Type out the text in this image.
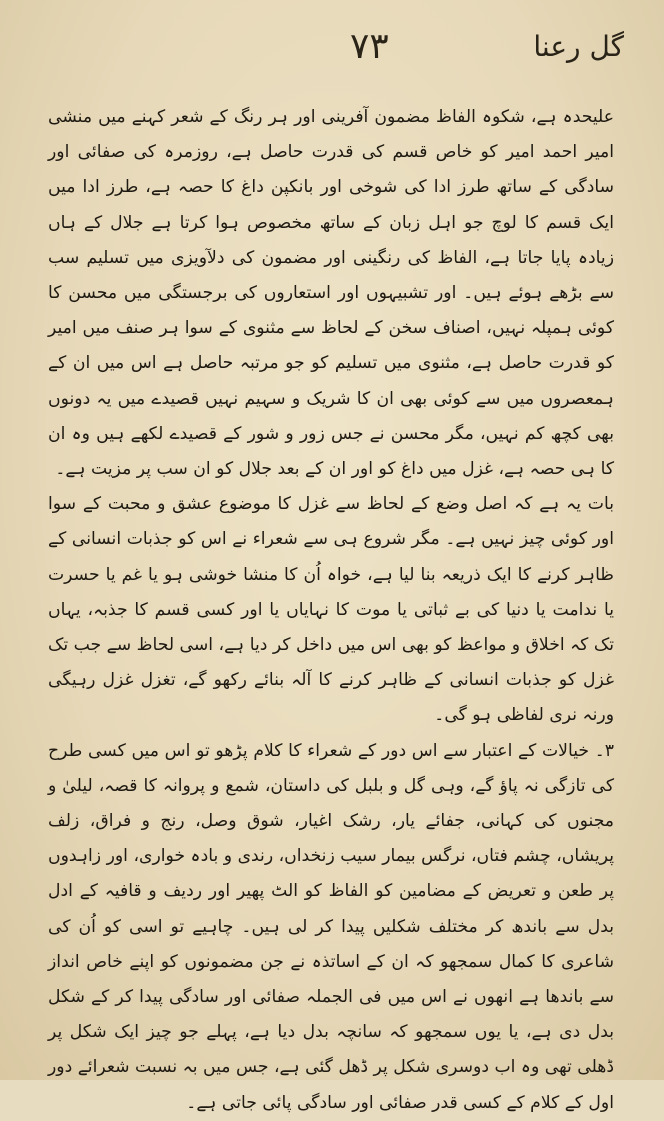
۷۳	گل رعنا

علیحدہ ہے، شکوہ الفاظ مضمون آفرینی اور ہر رنگ کے شعر کہنے میں منشی امیر احمد امیر کو خاص قسم کی قدرت حاصل ہے، روزمرہ کی صفائی اور سادگی کے ساتھ طرز ادا کی شوخی اور بانکپن داغ کا حصہ ہے، طرز ادا میں ایک قسم کا لوچ جو اہل زبان کے ساتھ مخصوص ہوا کرتا ہے جلال کے ہاں زیادہ پایا جاتا ہے، الفاظ کی رنگینی اور مضمون کی دلآویزی میں تسلیم سب سے بڑھے ہوئے ہیں۔ اور تشبیہوں اور استعاروں کی برجستگی میں محسن کا کوئی ہمپلہ نہیں، اصناف سخن کے لحاظ سے مثنوی کے سوا ہر صنف میں امیر کو قدرت حاصل ہے، مثنوی میں تسلیم کو جو مرتبہ حاصل ہے اس میں ان کے ہمعصروں میں سے کوئی بھی ان کا شریک و سہیم نہیں قصیدے میں یہ دونوں بھی کچھ کم نہیں، مگر محسن نے جس زور و شور کے قصیدے لکھے ہیں وہ ان کا ہی حصہ ہے، غزل میں داغ کو اور ان کے بعد جلال کو ان سب پر مزیت ہے۔

بات یہ ہے کہ اصل وضع کے لحاظ سے غزل کا موضوع عشق و محبت کے سوا اور کوئی چیز نہیں ہے۔ مگر شروع ہی سے شعراء نے اس کو جذبات انسانی کے ظاہر کرنے کا ایک ذریعہ بنا لیا ہے، خواہ اُن کا منشا خوشی ہو یا غم یا حسرت یا ندامت یا دنیا کی بے ثباتی یا موت کا نہایاں یا اور کسی قسم کا جذبہ، یہاں تک کہ اخلاق و مواعظ کو بھی اس میں داخل کر دیا ہے، اسی لحاظ سے جب تک غزل کو جذبات انسانی کے ظاہر کرنے کا آلہ بنائے رکھو گے، تغزل غزل رہیگی ورنہ نری لفاظی ہو گی۔

۳۔ خیالات کے اعتبار سے اس دور کے شعراء کا کلام پڑھو تو اس میں کسی طرح کی تازگی نہ پاؤ گے، وہی گل و بلبل کی داستان، شمع و پروانہ کا قصہ، لیلیٰ و مجنوں کی کہانی، جفائے یار، رشک اغیار، شوق وصل، رنج و فراق، زلف پریشاں، چشم فتاں، نرگس بیمار سیب زنخداں، رندی و بادہ خواری، اور زاہدوں پر طعن و تعریض کے مضامین کو الفاظ کو الٹ پھیر اور ردیف و قافیہ کے ادل بدل سے باندھ کر مختلف شکلیں پیدا کر لی ہیں۔ چاہیے تو اسی کو اُن کی شاعری کا کمال سمجھو کہ ان کے اساتذہ نے جن مضمونوں کو اپنے خاص انداز سے باندھا ہے انھوں نے اس میں فی الجملہ صفائی اور سادگی پیدا کر کے شکل بدل دی ہے، یا یوں سمجھو کہ سانچہ بدل دیا ہے، پہلے جو چیز ایک شکل پر ڈھلی تھی وہ اب دوسری شکل پر ڈھل گئی ہے، جس میں بہ نسبت شعرائے دور اول کے کلام کے کسی قدر صفائی اور سادگی پائی جاتی ہے۔
